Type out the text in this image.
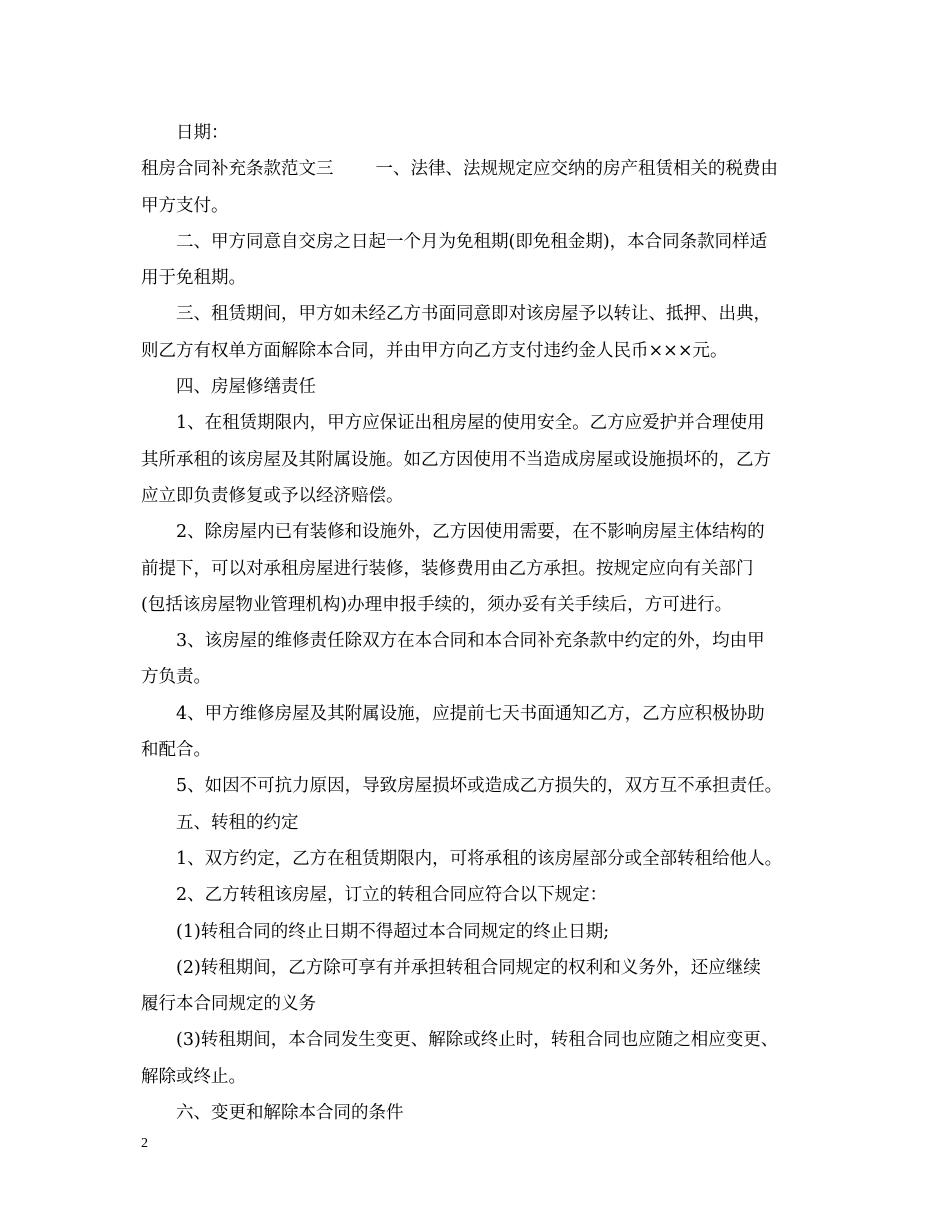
日期：
租房合同补充条款范文三 一、法律、法规规定应交纳的房产租赁相关的税费由
甲方支付。
二、甲方同意自交房之日起一个月为免租期(即免租金期)，本合同条款同样适
用于免租期。
三、租赁期间，甲方如未经乙方书面同意即对该房屋予以转让、抵押、出典，
则乙方有权单方面解除本合同，并由甲方向乙方支付违约金人民币×××元。
四、房屋修缮责任
1、在租赁期限内，甲方应保证出租房屋的使用安全。乙方应爱护并合理使用
其所承租的该房屋及其附属设施。如乙方因使用不当造成房屋或设施损坏的，乙方
应立即负责修复或予以经济赔偿。
2、除房屋内已有装修和设施外，乙方因使用需要，在不影响房屋主体结构的
前提下，可以对承租房屋进行装修，装修费用由乙方承担。按规定应向有关部门
(包括该房屋物业管理机构)办理申报手续的，须办妥有关手续后，方可进行。
3、该房屋的维修责任除双方在本合同和本合同补充条款中约定的外，均由甲
方负责。
4、甲方维修房屋及其附属设施，应提前七天书面通知乙方，乙方应积极协助
和配合。
5、如因不可抗力原因，导致房屋损坏或造成乙方损失的，双方互不承担责任。
五、转租的约定
1、双方约定，乙方在租赁期限内，可将承租的该房屋部分或全部转租给他人。
2、乙方转租该房屋，订立的转租合同应符合以下规定：
(1)转租合同的终止日期不得超过本合同规定的终止日期;
(2)转租期间，乙方除可享有并承担转租合同规定的权利和义务外，还应继续
履行本合同规定的义务
(3)转租期间，本合同发生变更、解除或终止时，转租合同也应随之相应变更、
解除或终止。
六、变更和解除本合同的条件
2
